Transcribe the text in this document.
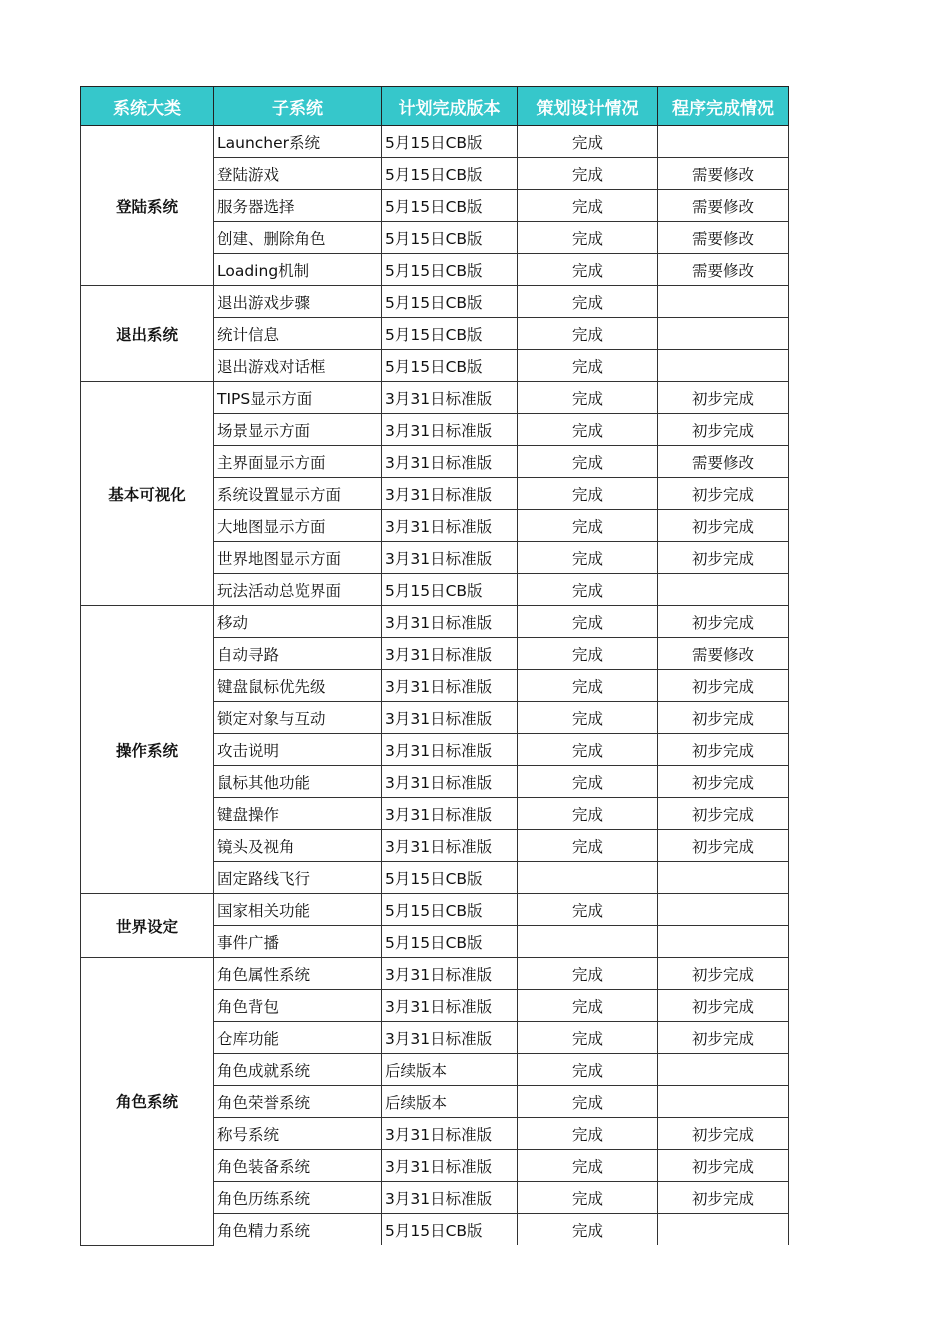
系统大类	子系统	计划完成版本	策划设计情况	程序完成情况
登陆系统	Launcher系统	5月15日CB版	完成	
	登陆游戏	5月15日CB版	完成	需要修改
	服务器选择	5月15日CB版	完成	需要修改
	创建、删除角色	5月15日CB版	完成	需要修改
	Loading机制	5月15日CB版	完成	需要修改
退出系统	退出游戏步骤	5月15日CB版	完成	
	统计信息	5月15日CB版	完成	
	退出游戏对话框	5月15日CB版	完成	
基本可视化	TIPS显示方面	3月31日标准版	完成	初步完成
	场景显示方面	3月31日标准版	完成	初步完成
	主界面显示方面	3月31日标准版	完成	需要修改
	系统设置显示方面	3月31日标准版	完成	初步完成
	大地图显示方面	3月31日标准版	完成	初步完成
	世界地图显示方面	3月31日标准版	完成	初步完成
	玩法活动总览界面	5月15日CB版	完成	
操作系统	移动	3月31日标准版	完成	初步完成
	自动寻路	3月31日标准版	完成	需要修改
	键盘鼠标优先级	3月31日标准版	完成	初步完成
	锁定对象与互动	3月31日标准版	完成	初步完成
	攻击说明	3月31日标准版	完成	初步完成
	鼠标其他功能	3月31日标准版	完成	初步完成
	键盘操作	3月31日标准版	完成	初步完成
	镜头及视角	3月31日标准版	完成	初步完成
	固定路线飞行	5月15日CB版		
世界设定	国家相关功能	5月15日CB版	完成	
	事件广播	5月15日CB版		
角色系统	角色属性系统	3月31日标准版	完成	初步完成
	角色背包	3月31日标准版	完成	初步完成
	仓库功能	3月31日标准版	完成	初步完成
	角色成就系统	后续版本	完成	
	角色荣誉系统	后续版本	完成	
	称号系统	3月31日标准版	完成	初步完成
	角色装备系统	3月31日标准版	完成	初步完成
	角色历练系统	3月31日标准版	完成	初步完成
	角色精力系统	5月15日CB版	完成	
